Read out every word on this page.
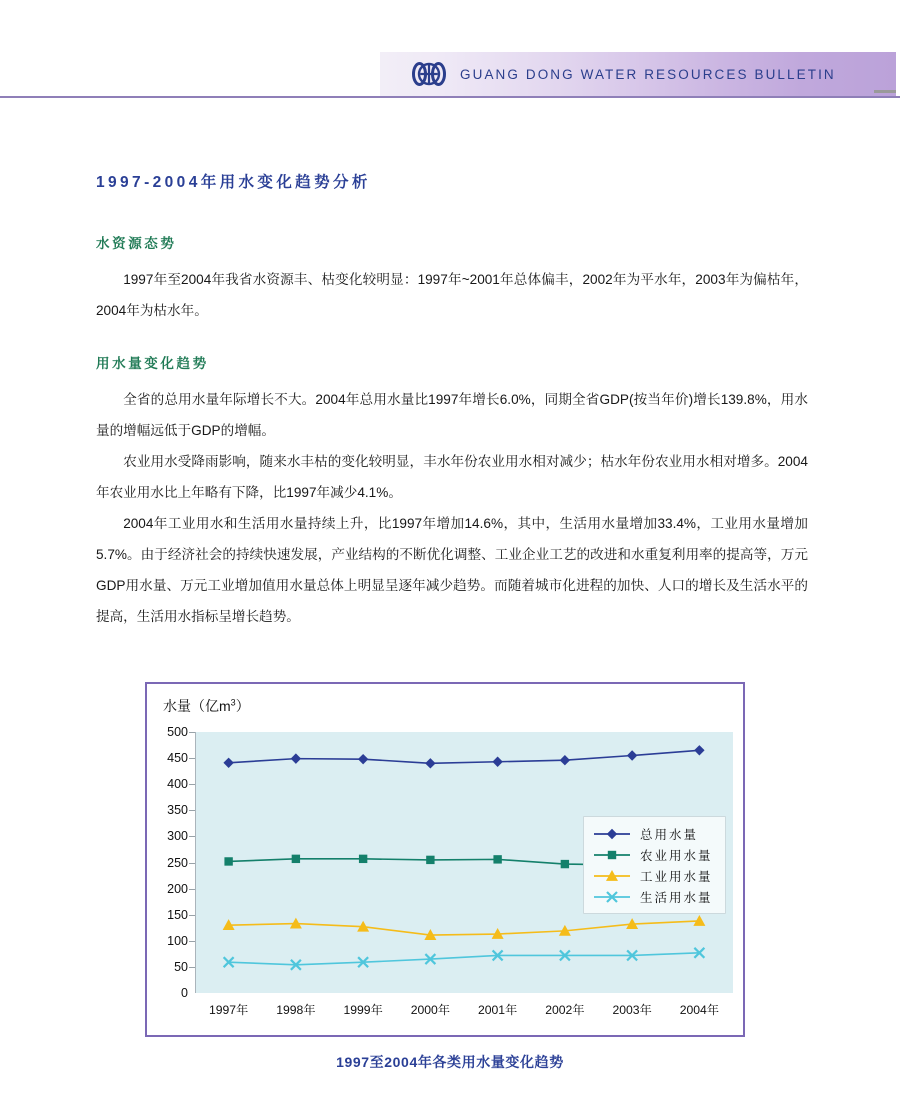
GUANG DONG WATER RESOURCES BULLETIN
1997-2004年用水变化趋势分析
水资源态势

1997年至2004年我省水资源丰、枯变化较明显：1997年~2001年总体偏丰，2002年为平水年，2003年为偏枯年，2004年为枯水年。

用水量变化趋势

全省的总用水量年际增长不大。2004年总用水量比1997年增长6.0%，同期全省GDP(按当年价)增长139.8%，用水量的增幅远低于GDP的增幅。

农业用水受降雨影响，随来水丰枯的变化较明显，丰水年份农业用水相对减少；枯水年份农业用水相对增多。2004年农业用水比上年略有下降，比1997年减少4.1%。

2004年工业用水和生活用水量持续上升，比1997年增加14.6%，其中，生活用水量增加33.4%，工业用水量增加5.7%。由于经济社会的持续快速发展，产业结构的不断优化调整、工业企业工艺的改进和水重复利用率的提高等，万元GDP用水量、万元工业增加值用水量总体上明显呈逐年减少趋势。而随着城市化进程的加快、人口的增长及生活水平的提高，生活用水指标呈增长趋势。

水量（亿$m^3$）
0
50
100
150
200
250
300
350
400
450
500
1997年 1998年 1999年 2000年 2001年 2002年 2003年 2004年
总用水量
农业用水量
工业用水量
生活用水量
1997至2004年各类用水量变化趋势
